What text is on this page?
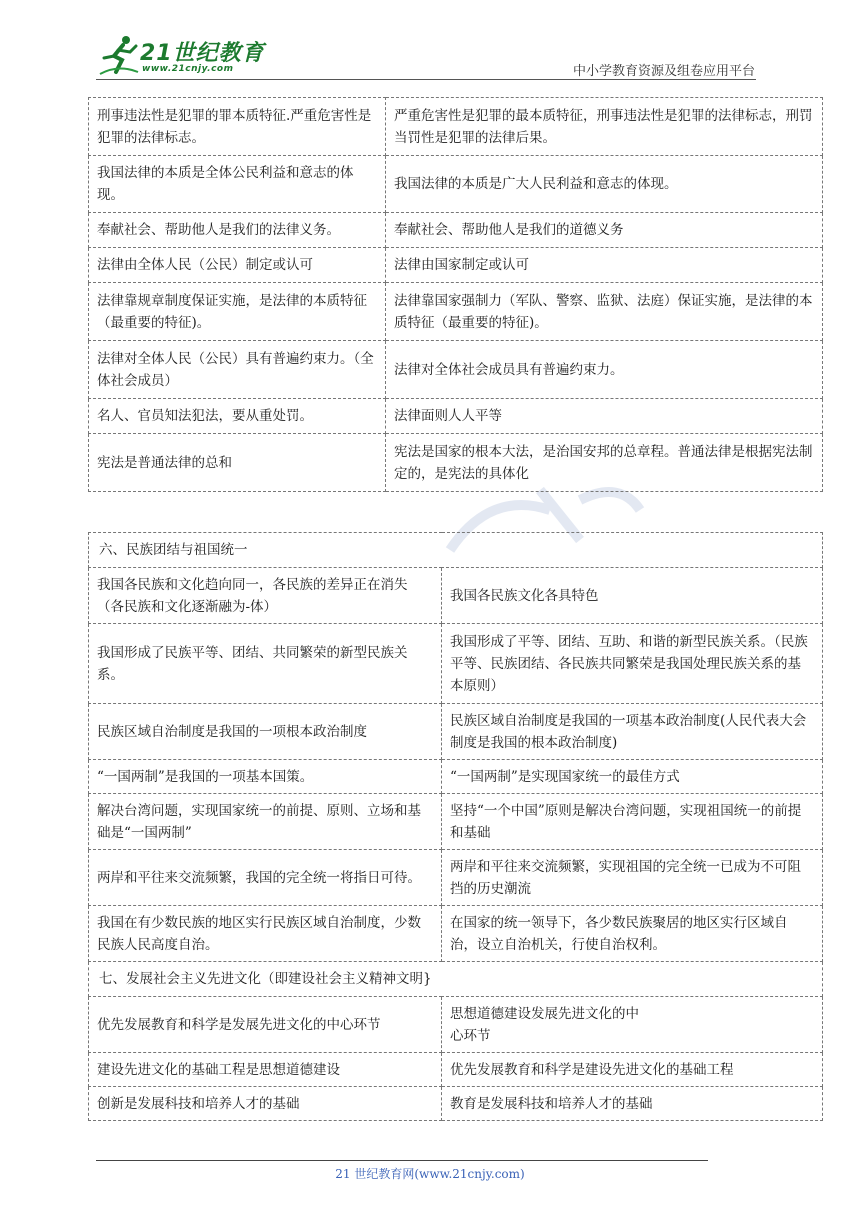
21世纪教育
www.21cnjy.com	中小学教育资源及组卷应用平台
刑事违法性是犯罪的罪本质特征.严重危害性是犯罪的法律标志。	严重危害性是犯罪的最本质特征，刑事违法性是犯罪的法律标志，刑罚当罚性是犯罪的法律后果。
我国法律的本质是全体公民利益和意志的体现。	我国法律的本质是广大人民利益和意志的体现。
奉献社会、帮助他人是我们的法律义务。	奉献社会、帮助他人是我们的道德义务
法律由全体人民（公民）制定或认可	法律由国家制定或认可
法律靠规章制度保证实施，是法律的本质特征（最重要的特征)。	法律靠国家强制力（军队、警察、监狱、法庭）保证实施，是法律的本质特征（最重要的特征)。
法律对全体人民（公民）具有普遍约束力。（全体社会成员）	法律对全体社会成员具有普遍约束力。
名人、官员知法犯法，要从重处罚。	法律面则人人平等
宪法是普通法律的总和	宪法是国家的根本大法，是治国安邦的总章程。普通法律是根据宪法制定的，是宪法的具体化
六、民族团结与祖国统一	
我国各民族和文化趋向同一，各民族的差异正在消失（各民族和文化逐渐融为-体）	我国各民族文化各具特色
我国形成了民族平等、团结、共同繁荣的新型民族关系。	我国形成了平等、团结、互助、和谐的新型民族关系。（民族平等、民族团结、各民族共同繁荣是我国处理民族关系的基本原则）
民族区域自治制度是我国的一项根本政治制度	民族区域自治制度是我国的一项基本政治制度(人民代表大会制度是我国的根本政治制度)
“一国两制”是我国的一项基本国策。	“一国两制”是实现国家统一的最佳方式
解决台湾问题，实现国家统一的前提、原则、立场和基础是“一国两制”	坚持“一个中国”原则是解决台湾问题，实现祖国统一的前提和基础
两岸和平往来交流频繁，我国的完全统一将指日可待。	两岸和平往来交流频繁，实现祖国的完全统一已成为不可阻挡的历史潮流
我国在有少数民族的地区实行民族区域自治制度，少数民族人民高度自治。	在国家的统一领导下，各少数民族聚居的地区实行区域自治，设立自治机关，行使自治权利。
七、发展社会主义先进文化（即建设社会主义精神文明}	
优先发展教育和科学是发展先进文化的中心环节	思想道德建设发展先进文化的中
心环节

建设先进文化的基础工程是思想道德建设	优先发展教育和科学是建设先进文化的基础工程
创新是发展科技和培养人才的基础	教育是发展科技和培养人才的基础
21 世纪教育网(www.21cnjy.com)
